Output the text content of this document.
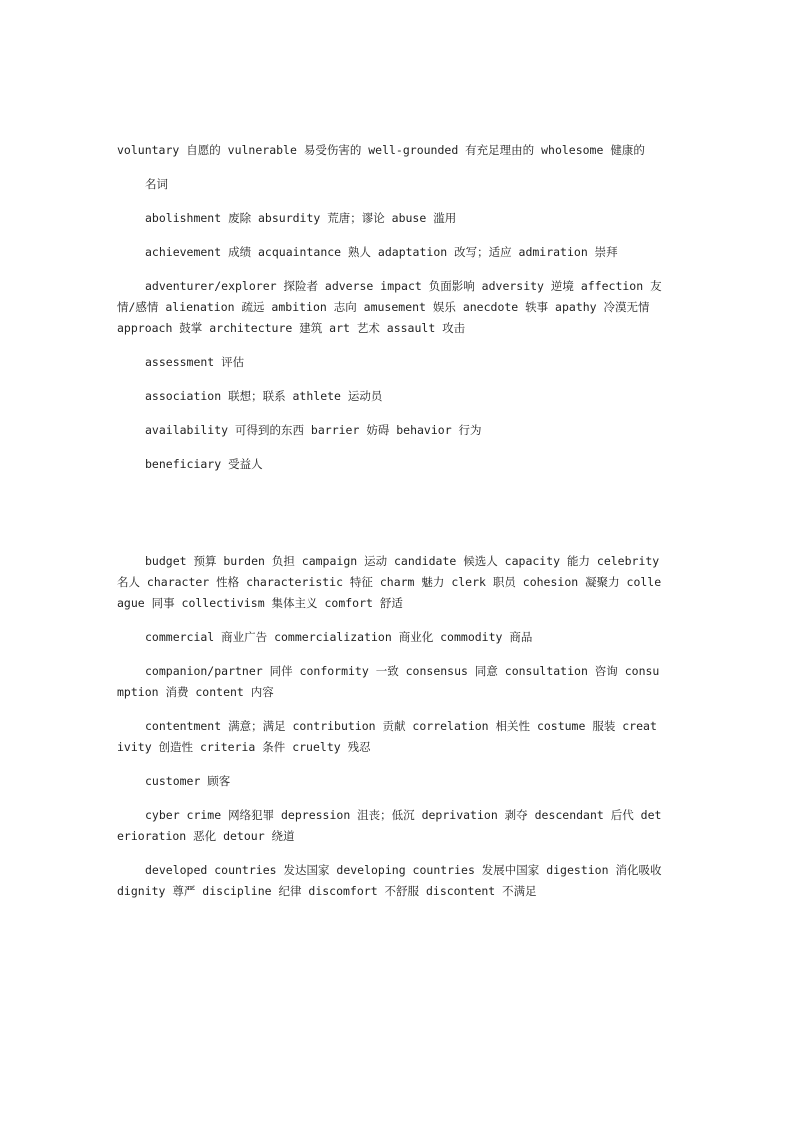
voluntary 自愿的 vulnerable 易受伤害的 well-grounded 有充足理由的 wholesome 健康的

名词

abolishment 废除 absurdity 荒唐；谬论 abuse 滥用

achievement 成绩 acquaintance 熟人 adaptation 改写；适应 admiration 崇拜

adventurer/explorer 探险者 adverse impact 负面影响 adversity 逆境 affection 友情/感情 alienation 疏远 ambition 志向 amusement 娱乐 anecdote 轶事 apathy 冷漠无情 approach 鼓掌 architecture 建筑 art 艺术 assault 攻击

assessment 评估

association 联想；联系 athlete 运动员

availability 可得到的东西 barrier 妨碍 behavior 行为

beneficiary 受益人

budget 预算 burden 负担 campaign 运动 candidate 候选人 capacity 能力 celebrity 名人 character 性格 characteristic 特征 charm 魅力 clerk 职员 cohesion 凝聚力 colleague 同事 collectivism 集体主义 comfort 舒适

commercial 商业广告 commercialization 商业化 commodity 商品

companion/partner 同伴 conformity 一致 consensus 同意 consultation 咨询 consumption 消费 content 内容

contentment 满意；满足 contribution 贡献 correlation 相关性 costume 服装 creativity 创造性 criteria 条件 cruelty 残忍

customer 顾客

cyber crime 网络犯罪 depression 沮丧；低沉 deprivation 剥夺 descendant 后代 deterioration 恶化 detour 绕道

developed countries 发达国家 developing countries 发展中国家 digestion 消化吸收 dignity 尊严 discipline 纪律 discomfort 不舒服 discontent 不满足
